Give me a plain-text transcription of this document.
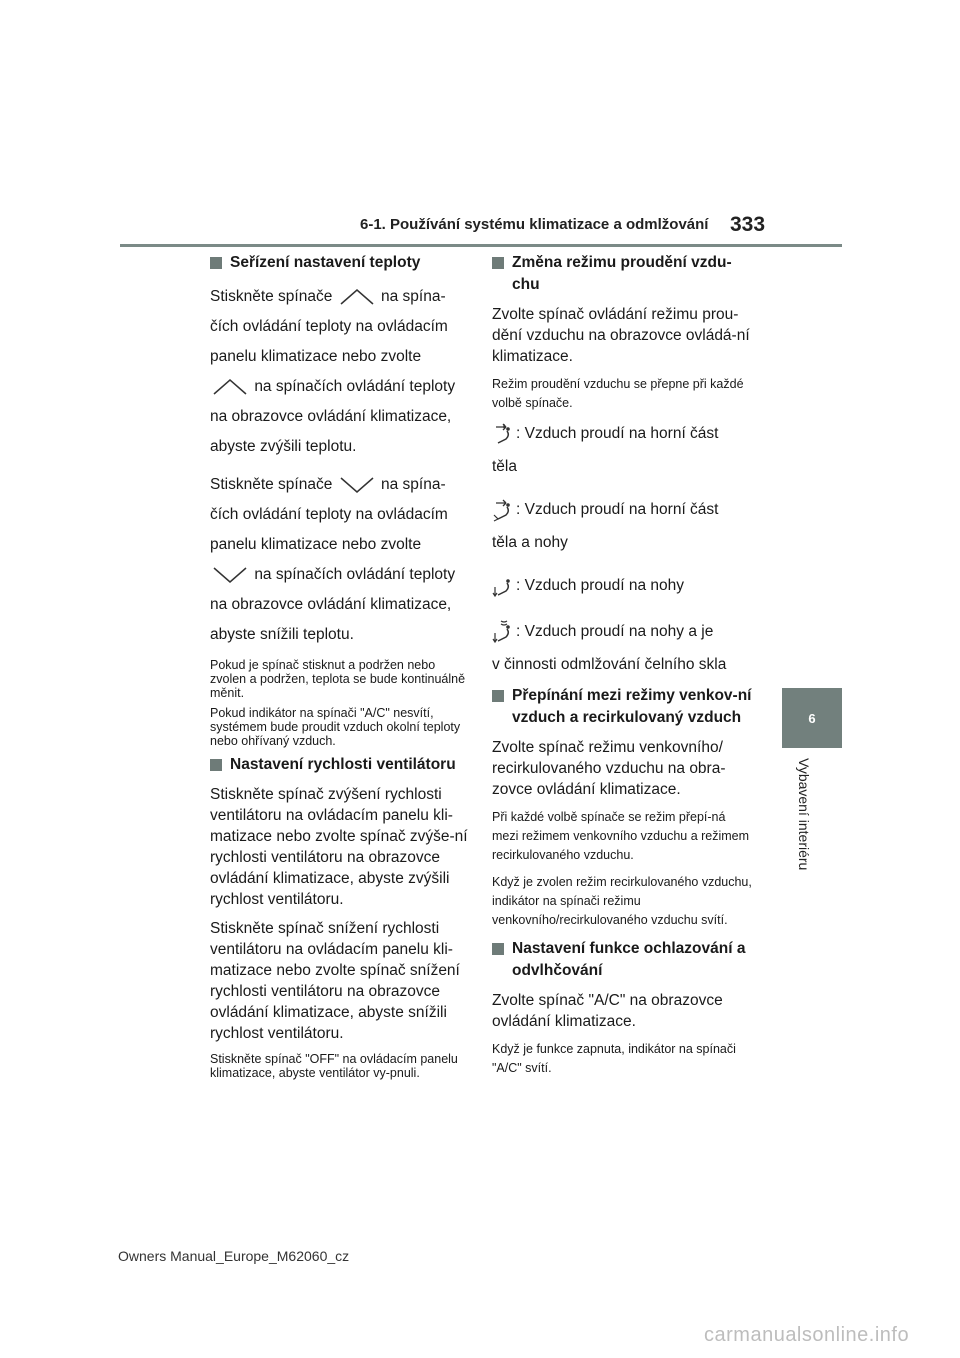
6-1. Používání systému klimatizace a odmlžování 333
6
Vybavení interiéru
Seřízení nastavení teploty
Stiskněte spínače	na spína-
čích ovládání teploty na ovládacím
panelu klimatizace nebo zvolte
na spínačích ovládání teploty
na obrazovce ovládání klimatizace,
abyste zvýšili teplotu.
Stiskněte spínače	na spína-
čích ovládání teploty na ovládacím
panelu klimatizace nebo zvolte
na spínačích ovládání teploty
na obrazovce ovládání klimatizace,
abyste snížili teplotu.
Pokud je spínač stisknut a podržen nebo zvolen a podržen, teplota se bude kontinuálně měnit.
Pokud indikátor na spínači "A/C" nesvítí, systémem bude proudit vzduch okolní teploty nebo ohřívaný vzduch.
Nastavení rychlosti ventilátoru
Stiskněte spínač zvýšení rychlosti ventilátoru na ovládacím panelu kli-matizace nebo zvolte spínač zvýše-ní rychlosti ventilátoru na obrazovce ovládání klimatizace, abyste zvýšili rychlost ventilátoru.
Stiskněte spínač snížení rychlosti ventilátoru na ovládacím panelu kli-matizace nebo zvolte spínač snížení rychlosti ventilátoru na obrazovce ovládání klimatizace, abyste snížili rychlost ventilátoru.
Stiskněte spínač "OFF" na ovládacím panelu klimatizace, abyste ventilátor vy-pnuli.
Změna režimu proudění vzdu-chu
Zvolte spínač ovládání režimu prou-dění vzduchu na obrazovce ovládá-ní klimatizace.
Režim proudění vzduchu se přepne při každé volbě spínače.
: Vzduch proudí na horní část
těla
: Vzduch proudí na horní část
těla a nohy
: Vzduch proudí na nohy
: Vzduch proudí na nohy a je
v činnosti odmlžování čelního skla
Přepínání mezi režimy venkov-ní vzduch a recirkulovaný vzduch
Zvolte spínač režimu venkovního/ recirkulovaného vzduchu na obra-zovce ovládání klimatizace.
Při každé volbě spínače se režim přepí-ná mezi režimem venkovního vzduchu a režimem recirkulovaného vzduchu.
Když je zvolen režim recirkulovaného vzduchu, indikátor na spínači režimu venkovního/recirkulovaného vzduchu svítí.
Nastavení funkce ochlazování a odvlhčování
Zvolte spínač "A/C" na obrazovce ovládání klimatizace.
Když je funkce zapnuta, indikátor na spínači "A/C" svítí.
Owners Manual_Europe_M62060_cz
carmanualsonline.info
